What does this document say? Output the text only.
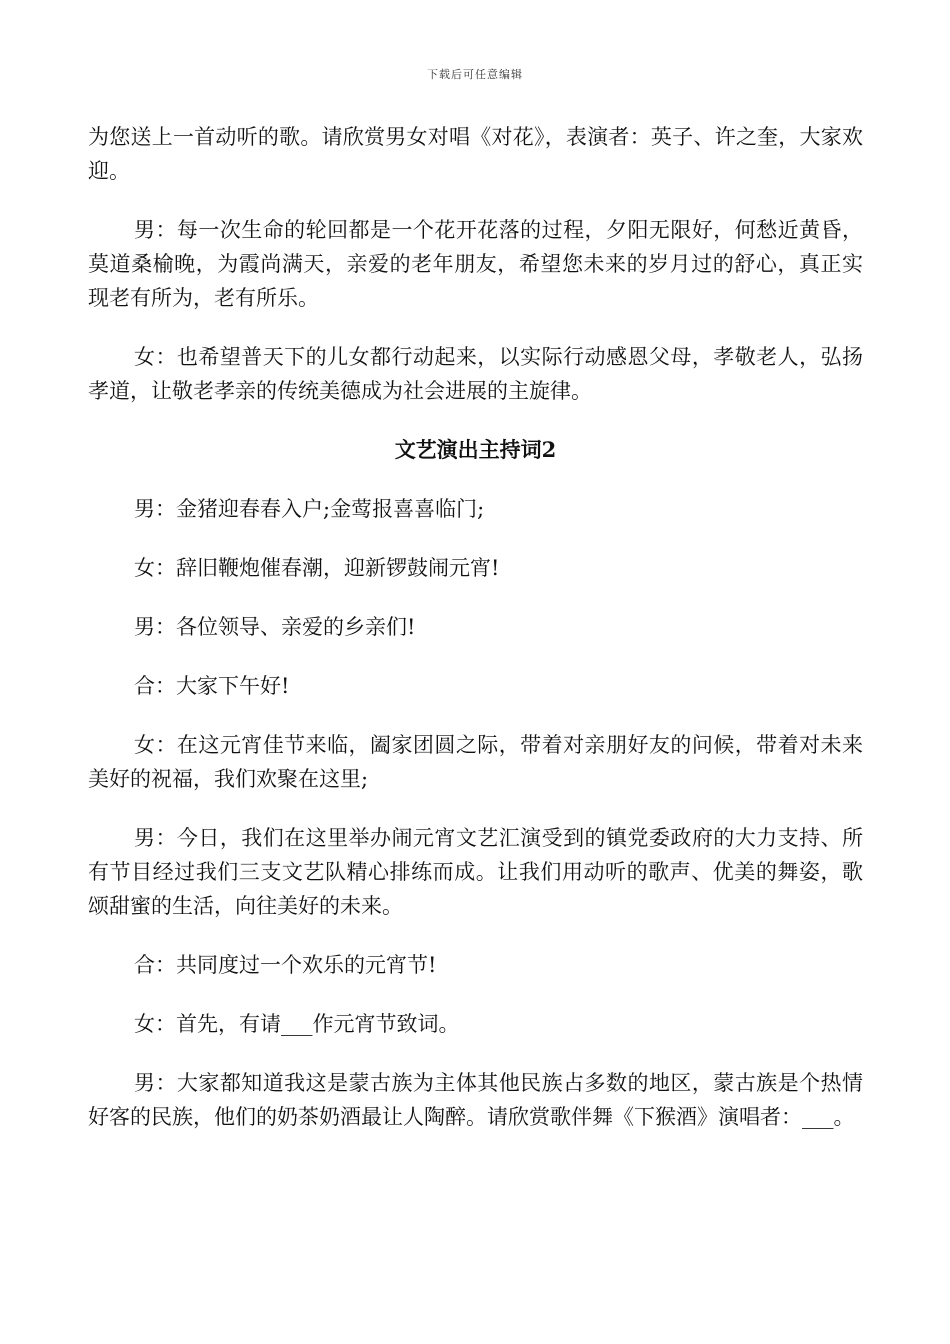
下载后可任意编辑

为您送上一首动听的歌。请欣赏男女对唱《对花》，表演者：英子、许之奎，大家欢迎。

男：每一次生命的轮回都是一个花开花落的过程，夕阳无限好，何愁近黄昏，莫道桑榆晚，为霞尚满天，亲爱的老年朋友，希望您未来的岁月过的舒心，真正实现老有所为，老有所乐。

女：也希望普天下的儿女都行动起来，以实际行动感恩父母，孝敬老人，弘扬孝道，让敬老孝亲的传统美德成为社会进展的主旋律。

文艺演出主持词2

男：金猪迎春春入户;金莺报喜喜临门;

女：辞旧鞭炮催春潮，迎新锣鼓闹元宵!

男：各位领导、亲爱的乡亲们!

合：大家下午好!

女：在这元宵佳节来临，阖家团圆之际，带着对亲朋好友的问候，带着对未来美好的祝福，我们欢聚在这里;

男：今日，我们在这里举办闹元宵文艺汇演受到的镇党委政府的大力支持、所有节目经过我们三支文艺队精心排练而成。让我们用动听的歌声、优美的舞姿，歌颂甜蜜的生活，向往美好的未来。

合：共同度过一个欢乐的元宵节!

女：首先，有请___作元宵节致词。

男：大家都知道我这是蒙古族为主体其他民族占多数的地区，蒙古族是个热情好客的民族，他们的奶茶奶酒最让人陶醉。请欣赏歌伴舞《下猴酒》演唱者：___。
